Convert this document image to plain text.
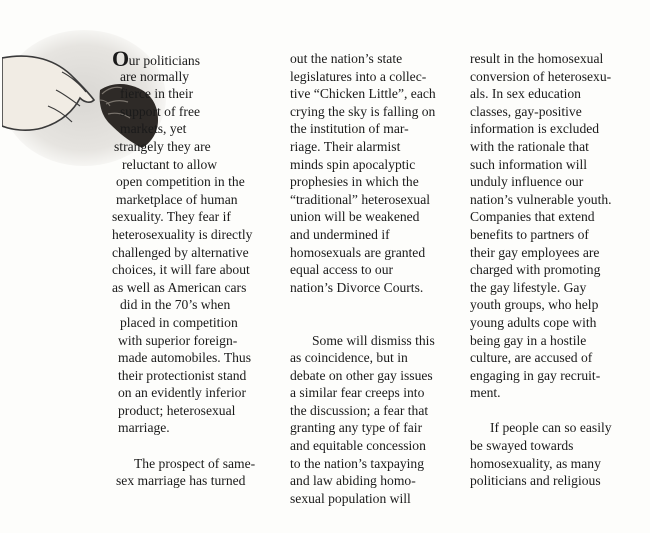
Our politicians
are normally
fierce in their
support of free
markets, yet
strangely they are
reluctant to allow
open competition in the
marketplace of human
sexuality. They fear if
heterosexuality is directly
challenged by alternative
choices, it will fare about
as well as American cars
did in the 70’s when
placed in competition
with superior foreign-
made automobiles. Thus
their protectionist stand
on an evidently inferior
product; heterosexual
marriage.
The prospect of same-
sex marriage has turned
out the nation’s state
legislatures into a collec-
tive “Chicken Little”, each
crying the sky is falling on
the institution of mar-
riage. Their alarmist
minds spin apocalyptic
prophesies in which the
“traditional” heterosexual
union will be weakened
and undermined if
homosexuals are granted
equal access to our
nation’s Divorce Courts.
Some will dismiss this
as coincidence, but in
debate on other gay issues
a similar fear creeps into
the discussion; a fear that
granting any type of fair
and equitable concession
to the nation’s taxpaying
and law abiding homo-
sexual population will
result in the homosexual
conversion of heterosexu-
als. In sex education
classes, gay-positive
information is excluded
with the rationale that
such information will
unduly influence our
nation’s vulnerable youth.
Companies that extend
benefits to partners of
their gay employees are
charged with promoting
the gay lifestyle. Gay
youth groups, who help
young adults cope with
being gay in a hostile
culture, are accused of
engaging in gay recruit-
ment.
If people can so easily
be swayed towards
homosexuality, as many
politicians and religious
